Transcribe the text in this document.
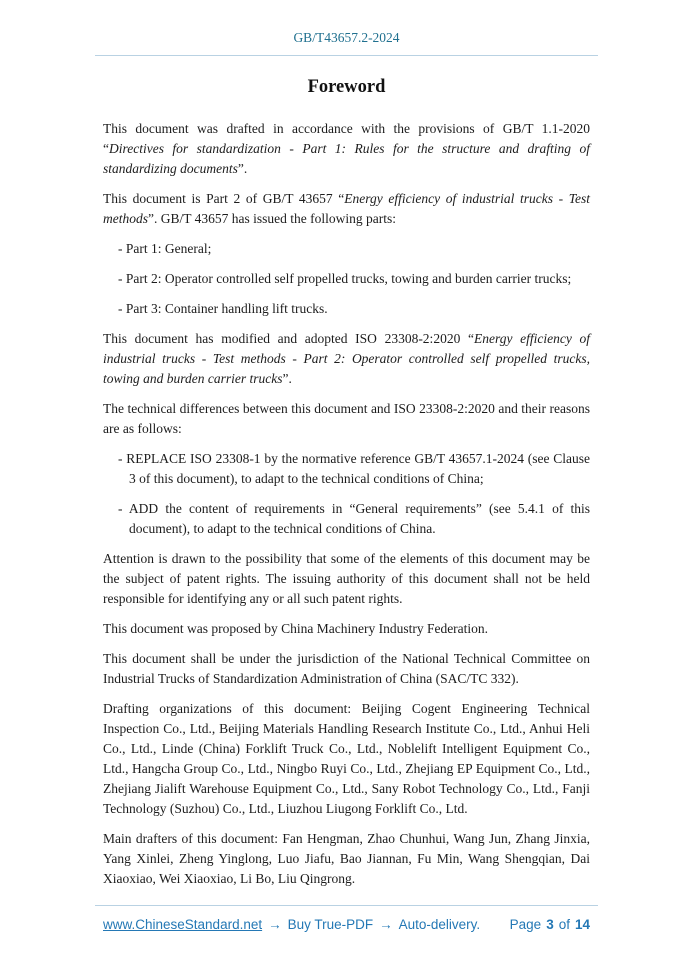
GB/T43657.2-2024
Foreword

This document was drafted in accordance with the provisions of GB/T 1.1-2020 “Directives for standardization - Part 1: Rules for the structure and drafting of standardizing documents”.

This document is Part 2 of GB/T 43657 “Energy efficiency of industrial trucks - Test methods”. GB/T 43657 has issued the following parts:

- Part 1: General;

- Part 2: Operator controlled self propelled trucks, towing and burden carrier trucks;

- Part 3: Container handling lift trucks.

This document has modified and adopted ISO 23308-2:2020 “Energy efficiency of industrial trucks - Test methods - Part 2: Operator controlled self propelled trucks, towing and burden carrier trucks”.

The technical differences between this document and ISO 23308-2:2020 and their reasons are as follows:

- REPLACE ISO 23308-1 by the normative reference GB/T 43657.1-2024 (see Clause 3 of this document), to adapt to the technical conditions of China;

- ADD the content of requirements in “General requirements” (see 5.4.1 of this document), to adapt to the technical conditions of China.

Attention is drawn to the possibility that some of the elements of this document may be the subject of patent rights. The issuing authority of this document shall not be held responsible for identifying any or all such patent rights.

This document was proposed by China Machinery Industry Federation.

This document shall be under the jurisdiction of the National Technical Committee on Industrial Trucks of Standardization Administration of China (SAC/TC 332).

Drafting organizations of this document: Beijing Cogent Engineering Technical Inspection Co., Ltd., Beijing Materials Handling Research Institute Co., Ltd., Anhui Heli Co., Ltd., Linde (China) Forklift Truck Co., Ltd., Noblelift Intelligent Equipment Co., Ltd., Hangcha Group Co., Ltd., Ningbo Ruyi Co., Ltd., Zhejiang EP Equipment Co., Ltd., Zhejiang Jialift Warehouse Equipment Co., Ltd., Sany Robot Technology Co., Ltd., Fanji Technology (Suzhou) Co., Ltd., Liuzhou Liugong Forklift Co., Ltd.

Main drafters of this document: Fan Hengman, Zhao Chunhui, Wang Jun, Zhang Jinxia, Yang Xinlei, Zheng Yinglong, Luo Jiafu, Bao Jiannan, Fu Min, Wang Shengqian, Dai Xiaoxiao, Wei Xiaoxiao, Li Bo, Liu Qingrong.

www.ChineseStandard.net → Buy True-PDF → Auto-delivery. Page 3 of 14
